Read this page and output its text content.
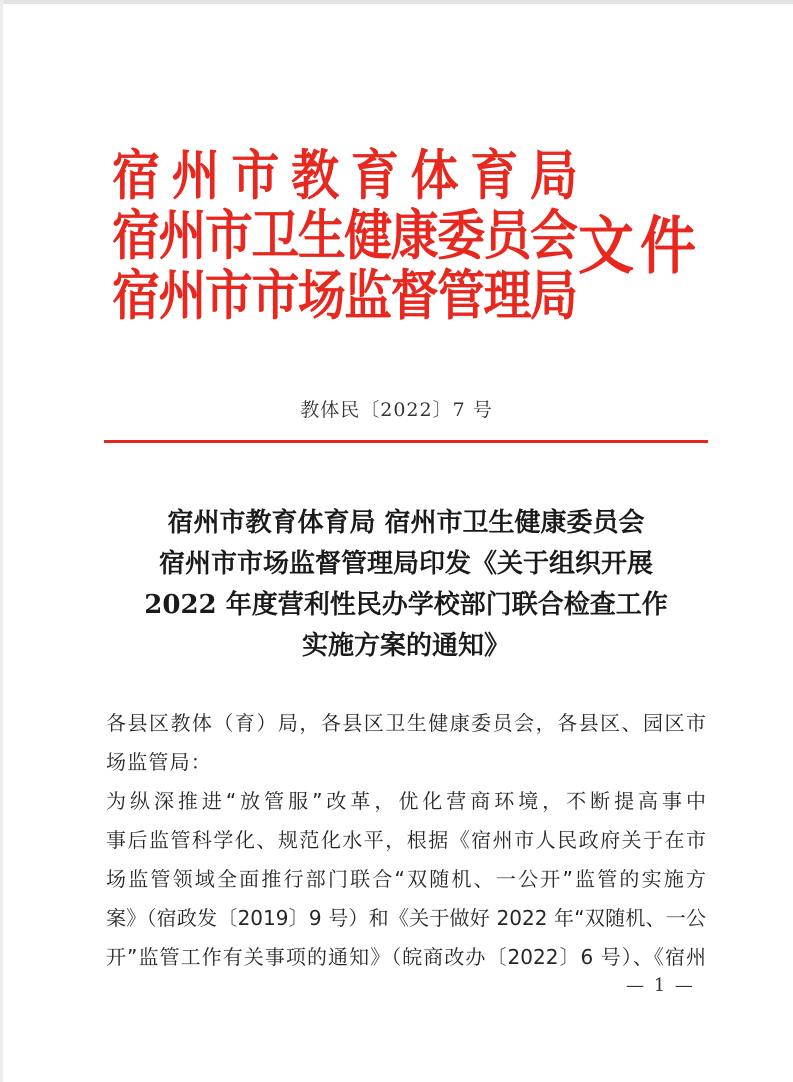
宿 州 市 教 育 体 育 局
宿
州
市
卫
生
健
康
委
员
会
宿
州
市
市
场
监
督
管
理
局
文件
教体民〔2022〕7 号
宿州市教育体育局 宿州市卫生健康委员会
宿州市市场监督管理局印发《关于组织开展
2022 年度营利性民办学校部门联合检查工作
实施方案的通知》
各县区教体（育）局，各县区卫生健康委员会，各县区、园区市
场监管局：
为纵深推进“放管服”改革，优化营商环境，不断提高事中
事后监管科学化、规范化水平，根据《宿州市人民政府关于在市
场监管领域全面推行部门联合“双随机、一公开”监管的实施方
案》（宿政发〔2019〕9 号）和《关于做好 2022 年“双随机、一公
开”监管工作有关事项的通知》（皖商改办〔2022〕6 号）、《宿州
— 1 —
